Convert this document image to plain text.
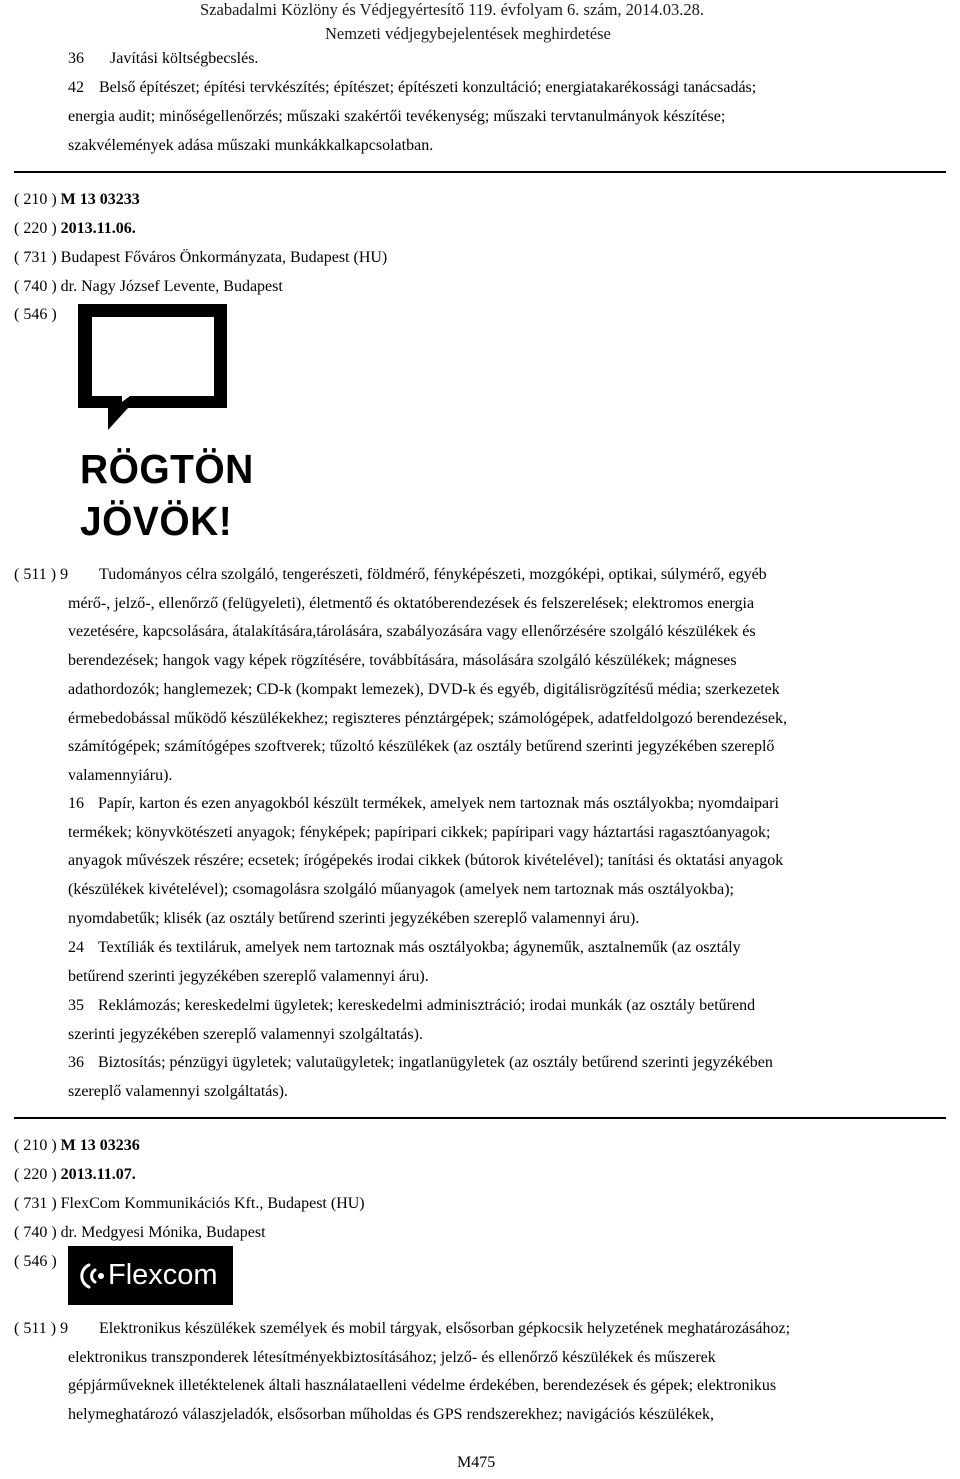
Szabadalmi Közlöny és Védjegyértesítő 119. évfolyam 6. szám, 2014.03.28.
Nemzeti védjegybejelentések meghirdetése
36 Javítási költségbecslés.
42 Belső építészet; építési tervkészítés; építészet; építészeti konzultáció; energiatakarékossági tanácsadás;
energia audit; minőségellenőrzés; műszaki szakértői tevékenység; műszaki tervtanulmányok készítése;
szakvélemények adása műszaki munkákkalkapcsolatban.
( 210 ) M 13 03233
( 220 ) 2013.11.06.
( 731 ) Budapest Főváros Önkormányzata, Budapest (HU)
( 740 ) dr. Nagy József Levente, Budapest
( 546 )
RÖGTÖN
JÖVÖK!
( 511 ) 9	Tudományos célra szolgáló, tengerészeti, földmérő, fényképészeti, mozgóképi, optikai, súlymérő, egyéb
mérő-, jelző-, ellenőrző (felügyeleti), életmentő és oktatóberendezések és felszerelések; elektromos energia
vezetésére, kapcsolására, átalakítására,tárolására, szabályozására vagy ellenőrzésére szolgáló készülékek és
berendezések; hangok vagy képek rögzítésére, továbbítására, másolására szolgáló készülékek; mágneses
adathordozók; hanglemezek; CD-k (kompakt lemezek), DVD-k és egyéb, digitálisrögzítésű média; szerkezetek
érmebedobással működő készülékekhez; regiszteres pénztárgépek; számológépek, adatfeldolgozó berendezések,
számítógépek; számítógépes szoftverek; tűzoltó készülékek (az osztály betűrend szerinti jegyzékében szereplő
valamennyiáru).
16 Papír, karton és ezen anyagokból készült termékek, amelyek nem tartoznak más osztályokba; nyomdaipari
termékek; könyvkötészeti anyagok; fényképek; papíripari cikkek; papíripari vagy háztartási ragasztóanyagok;
anyagok művészek részére; ecsetek; írógépekés irodai cikkek (bútorok kivételével); tanítási és oktatási anyagok
(készülékek kivételével); csomagolásra szolgáló műanyagok (amelyek nem tartoznak más osztályokba);
nyomdabetűk; klisék (az osztály betűrend szerinti jegyzékében szereplő valamennyi áru).
24 Textíliák és textiláruk, amelyek nem tartoznak más osztályokba; ágyneműk, asztalneműk (az osztály
betűrend szerinti jegyzékében szereplő valamennyi áru).
35 Reklámozás; kereskedelmi ügyletek; kereskedelmi adminisztráció; irodai munkák (az osztály betűrend
szerinti jegyzékében szereplő valamennyi szolgáltatás).
36 Biztosítás; pénzügyi ügyletek; valutaügyletek; ingatlanügyletek (az osztály betűrend szerinti jegyzékében
szereplő valamennyi szolgáltatás).
( 210 ) M 13 03236
( 220 ) 2013.11.07.
( 731 ) FlexCom Kommunikációs Kft., Budapest (HU)
( 740 ) dr. Medgyesi Mónika, Budapest
( 546 ) Flexcom
( 511 ) 9	Elektronikus készülékek személyek és mobil tárgyak, elsősorban gépkocsik helyzetének meghatározásához;
elektronikus transzponderek létesítményekbiztosításához; jelző- és ellenőrző készülékek és műszerek
gépjárműveknek illetéktelenek általi használataelleni védelme érdekében, berendezések és gépek; elektronikus
helymeghatározó válaszjeladók, elsősorban műholdas és GPS rendszerekhez; navigációs készülékek,
M475
